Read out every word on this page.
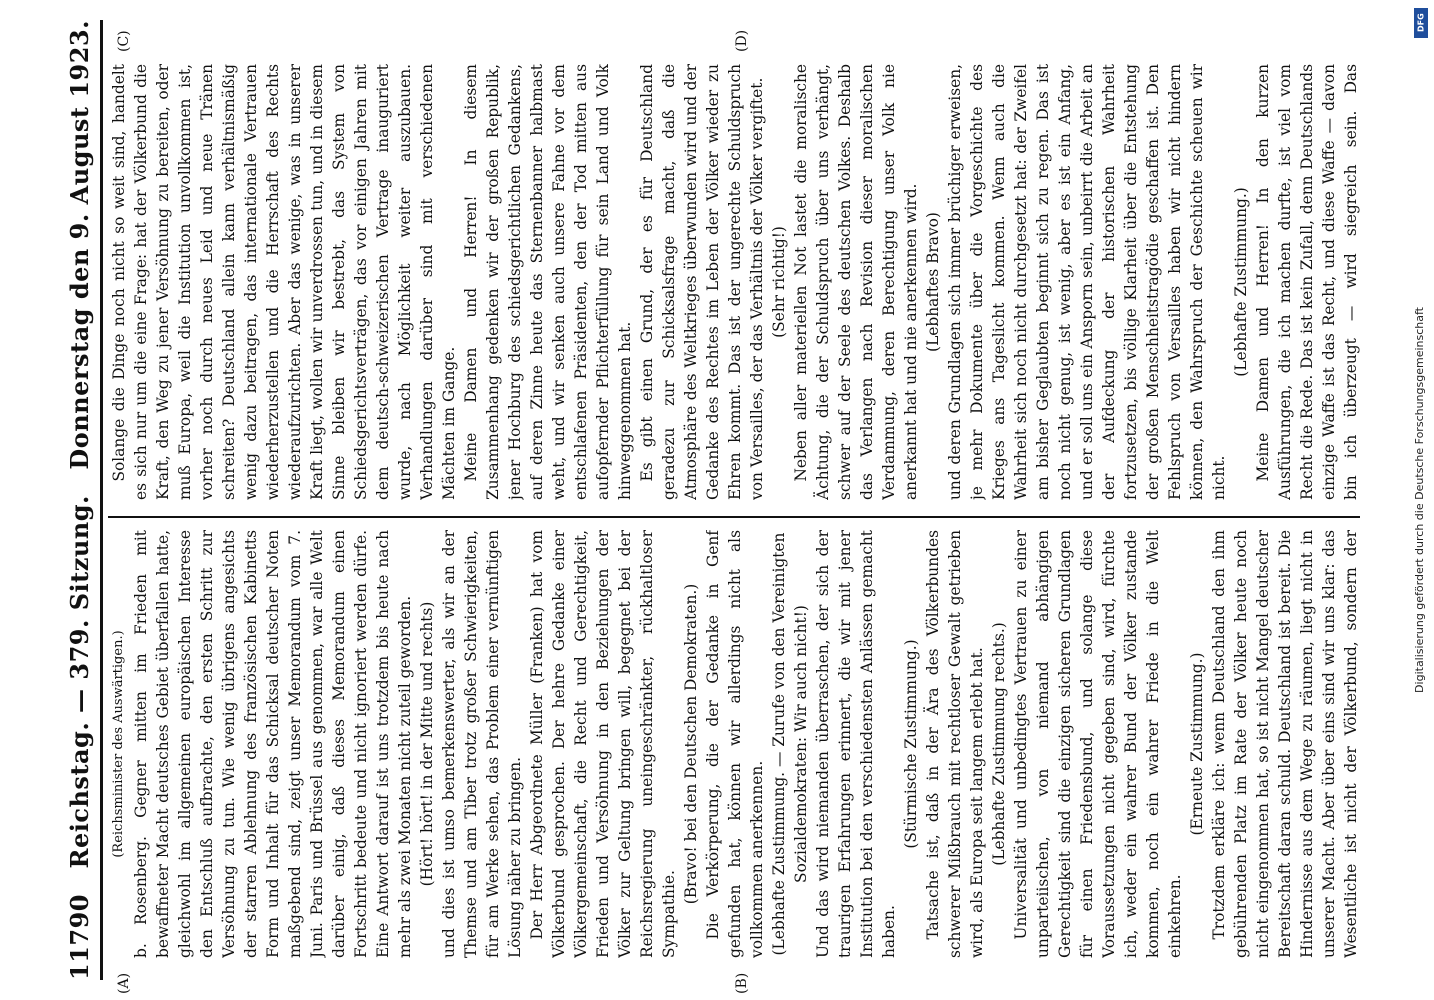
11790
Reichstag. — 379. Sitzung.
Donnerstag den 9. August 1923.
(A)	(B)
(C)	(D)

(Reichsminister des Auswärtigen.) b. Rosenberg. Gegner mitten im Frieden mit bewaffneter Macht deutsches Gebiet überfallen hatte, gleichwohl im allgemeinen europäischen Interesse den Entschluß aufbrachte, den ersten Schritt zur Versöhnung zu tun. Wie wenig übrigens angesichts der starren Ablehnung des französischen Kabinetts Form und Inhalt für das Schicksal deutscher Noten maßgebend sind, zeigt unser Memorandum vom 7. Juni. Paris und Brüssel aus genommen, war alle Welt darüber einig, daß dieses Memorandum einen Fortschritt bedeute und nicht ignoriert werden dürfe. Eine Antwort darauf ist uns trotzdem bis heute nach mehr als zwei Monaten nicht zuteil geworden. (Hört! hört! in der Mitte und rechts) und dies ist umso bemerkenswerter, als wir an der Themse und am Tiber trotz großer Schwierigkeiten, für am Werke sehen, das Problem einer vernünftigen Lösung näher zu bringen. Der Herr Abgeordnete Müller (Franken) hat vom Völkerbund gesprochen. Der hehre Gedanke einer Völkergemeinschaft, die Recht und Gerechtigkeit, Frieden und Versöhnung in den Beziehungen der Völker zur Geltung bringen will, begegnet bei der Reichsregierung uneingeschränkter, rückhaltloser Sympathie.

(Bravo! bei den Deutschen Demokraten.) Die Verkörperung, die der Gedanke in Genf gefunden hat, können wir allerdings nicht als vollkommen anerkennen. (Lebhafte Zustimmung. — Zurufe von den Vereinigten Sozialdemokraten: Wir auch nicht!) Und das wird niemanden überraschen, der sich der traurigen Erfahrungen erinnert, die wir mit jener Institution bei den verschiedensten Anlässen gemacht haben.

(Stürmische Zustimmung.) Tatsache ist, daß in der Ära des Völkerbundes schwerer Mißbrauch mit rechtloser Gewalt getrieben wird, als Europa seit langem erlebt hat. (Lebhafte Zustimmung rechts.) Universalität und unbedingtes Vertrauen zu einer unparteiischen, von niemand abhängigen Gerechtigkeit sind die einzigen sicheren Grundlagen für einen Friedensbund, und solange diese Voraussetzungen nicht gegeben sind, wird, fürchte ich, weder ein wahrer Bund der Völker zustande kommen, noch ein wahrer Friede in die Welt einkehren.

(Erneute Zustimmung.)

Trotzdem erkläre ich: wenn Deutschland den ihm gebührenden Platz im Rate der Völker heute noch nicht eingenommen hat, so ist nicht Mangel deutscher Bereitschaft daran schuld. Deutschland ist bereit. Die Hindernisse aus dem Wege zu räumen, liegt nicht in unserer Macht. Aber über eins sind wir uns klar: das Wesentliche ist nicht der Völkerbund, sondern der

Solange die Dinge noch nicht so weit sind, handelt es sich nur um die eine Frage: hat der Völkerbund die Kraft, den Weg zu jener Versöhnung zu bereiten, oder muß Europa, weil die Institution unvollkommen ist, vorher noch durch neues Leid und neue Tränen schreiten? Deutschland allein kann verhältnismäßig wenig dazu beitragen, das internationale Vertrauen wiederherzustellen und die Herrschaft des Rechts wiederaufzurichten. Aber das wenige, was in unserer Kraft liegt, wollen wir unverdrossen tun, und in diesem Sinne bleiben wir bestrebt, das System von Schiedsgerichtsverträgen, das vor einigen Jahren mit dem deutsch-schweizerischen Vertrage inauguriert wurde, nach Möglichkeit weiter auszubauen. Verhandlungen darüber sind mit verschiedenen Mächten im Gange. Meine Damen und Herren! In diesem Zusammenhang gedenken wir der großen Republik, jener Hochburg des schiedsgerichtlichen Gedankens, auf deren Zinne heute das Sternenbanner halbmast weht, und wir senken auch unsere Fahne vor dem entschlafenen Präsidenten, den der Tod mitten aus aufopfernder Pflichterfüllung für sein Land und Volk hinweggenommen hat. Es gibt einen Grund, der es für Deutschland geradezu zur Schicksalsfrage macht, daß die Atmosphäre des Weltkrieges überwunden wird und der Gedanke des Rechtes im Leben der Völker wieder zu Ehren kommt. Das ist der ungerechte Schuldspruch von Versailles, der das Verhältnis der Völker vergiftet. (Sehr richtig!) Neben aller materiellen Not lastet die moralische Ächtung, die der Schuldspruch über uns verhängt, schwer auf der Seele des deutschen Volkes. Deshalb das Verlangen nach Revision dieser moralischen Verdammung, deren Berechtigung unser Volk nie anerkannt hat und nie anerkennen wird. (Lebhaftes Bravo) und deren Grundlagen sich immer brüchiger erweisen, je mehr Dokumente über die Vorgeschichte des Krieges ans Tageslicht kommen. Wenn auch die Wahrheit sich noch nicht durchgesetzt hat: der Zweifel am bisher Geglaubten beginnt sich zu regen. Das ist noch nicht genug, ist wenig, aber es ist ein Anfang, und er soll uns ein Ansporn sein, unbeirrt die Arbeit an der Aufdeckung der historischen Wahrheit fortzusetzen, bis völlige Klarheit über die Entstehung der großen Menschheitstragödie geschaffen ist. Den Fehlspruch von Versailles haben wir nicht hindern können, den Wahrspruch der Geschichte scheuen wir nicht.

(Lebhafte Zustimmung.)

Meine Damen und Herren! In den kurzen Ausführungen, die ich machen durfte, ist viel vom Recht die Rede. Das ist kein Zufall, denn Deutschlands einzige Waffe ist das Recht, und diese Waffe — davon bin ich überzeugt — wird siegreich sein. Das

DFG
Digitalisierung gefördert durch die Deutsche Forschungsgemeinschaft
